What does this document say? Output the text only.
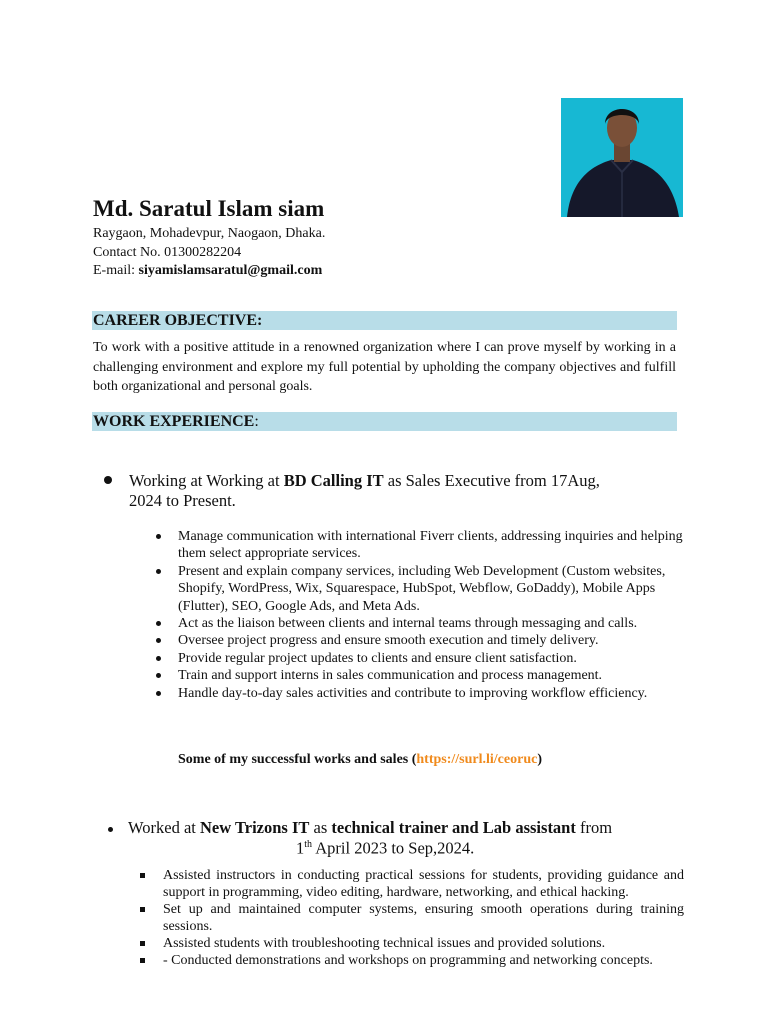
Md. Saratul Islam siam
Raygaon, Mohadevpur, Naogaon, Dhaka.
Contact No. 01300282204
E-mail: siyamislamsaratul@gmail.com
CAREER OBJECTIVE:
To work with a positive attitude in a renowned organization where I can prove myself by working in a challenging environment and explore my full potential by upholding the company objectives and fulfill both organizational and personal goals.
WORK EXPERIENCE:
Working at Working at BD Calling IT as Sales Executive from 17Aug,
2024 to Present.
Manage communication with international Fiverr clients, addressing inquiries and helping them select appropriate services.
Present and explain company services, including Web Development (Custom websites, Shopify, WordPress, Wix, Squarespace, HubSpot, Webflow, GoDaddy), Mobile Apps (Flutter), SEO, Google Ads, and Meta Ads.
Act as the liaison between clients and internal teams through messaging and calls.
Oversee project progress and ensure smooth execution and timely delivery.
Provide regular project updates to clients and ensure client satisfaction.
Train and support interns in sales communication and process management.
Handle day-to-day sales activities and contribute to improving workflow efficiency.
Some of my successful works and sales (https://surl.li/ceoruc)
Worked at New Trizons IT as technical trainer and Lab assistant from
1th April 2023 to Sep,2024.
Assisted instructors in conducting practical sessions for students, providing guidance and support in programming, video editing, hardware, networking, and ethical hacking.
Set up and maintained computer systems, ensuring smooth operations during training sessions.
Assisted students with troubleshooting technical issues and provided solutions.
- Conducted demonstrations and workshops on programming and networking concepts.
